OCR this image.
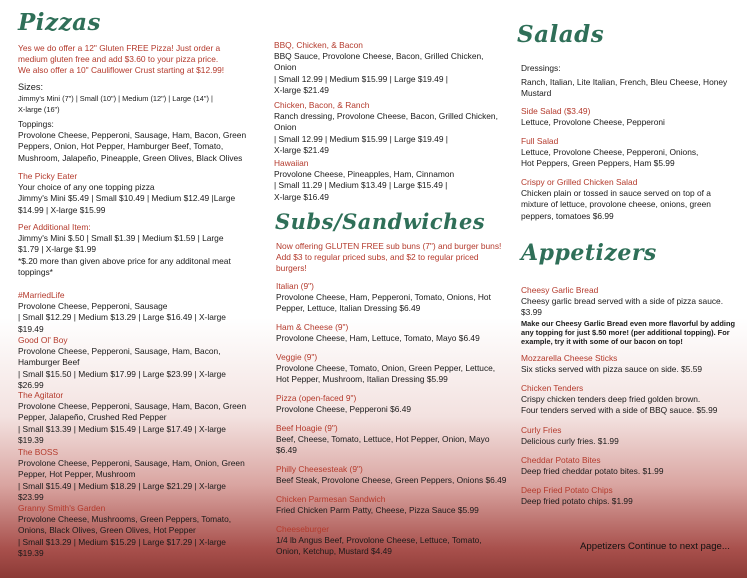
Pizzas	Salads
Subs/Sandwiches
Appetizers
Yes we do offer a 12" Gluten FREE Pizza! Just order a
medium gluten free and add $3.60 to your pizza price.
We also offer a 10" Cauliflower Crust starting at $12.99!
Sizes:
Jimmy's Mini (7") | Small (10") | Medium (12") | Large (14") |
X-large (16")
Toppings:
Provolone Cheese, Pepperoni, Sausage, Ham, Bacon, Green
Peppers, Onion, Hot Pepper, Hamburger Beef, Tomato,
Mushroom, Jalapeño, Pineapple, Green Olives, Black Olives
The Picky Eater
Your choice of any one topping pizza
Jimmy's Mini $5.49 | Small $10.49 | Medium $12.49 |Large
$14.99 | X-large $15.99
Per Additional Item:
Jimmy's Mini $.50 | Small $1.39 | Medium $1.59 | Large
$1.79 | X-large $1.99
*$.20 more than given above price for any additonal meat
toppings*
#MarriedLife
Provolone Cheese, Pepperoni, Sausage
| Small $12.29 | Medium $13.29 | Large $16.49 | X-large
$19.49
Good Ol' Boy
Provolone Cheese, Pepperoni, Sausage, Ham, Bacon,
Hamburger Beef
| Small $15.50 | Medium $17.99 | Large $23.99 | X-large
$26.99
The Agitator
Provolone Cheese, Pepperoni, Sausage, Ham, Bacon, Green
Pepper, Jalapeño, Crushed Red Pepper
| Small $13.39 | Medium $15.49 | Large $17.49 | X-large
$19.39
The BOSS
Provolone Cheese, Pepperoni, Sausage, Ham, Onion, Green
Pepper, Hot Pepper, Mushroom
| Small $15.49 | Medium $18.29 | Large $21.29 | X-large
$23.99
Granny Smith's Garden
Provolone Cheese, Mushrooms, Green Peppers, Tomato,
Onions, Black Olives, Green Olives, Hot Pepper
| Small $13.29 | Medium $15.29 | Large $17.29 | X-large
$19.39
BBQ, Chicken, & Bacon
BBQ Sauce, Provolone Cheese, Bacon, Grilled Chicken,
Onion
| Small 12.99 | Medium $15.99 | Large $19.49 |
X-large $21.49
Chicken, Bacon, & Ranch
Ranch dressing, Provolone Cheese, Bacon, Grilled Chicken,
Onion
| Small 12.99 | Medium $15.99 | Large $19.49 |
X-large $21.49
Hawaiian
Provolone Cheese, Pineapples, Ham, Cinnamon
| Small 11.29 | Medium $13.49 | Large $15.49 |
X-large $16.49
Now offering GLUTEN FREE sub buns (7") and burger buns!
Add $3 to regular priced subs, and $2 to regular priced
burgers!
Italian (9")
Provolone Cheese, Ham, Pepperoni, Tomato, Onions, Hot
Pepper, Lettuce, Italian Dressing $6.49
Ham & Cheese (9")
Provolone Cheese, Ham, Lettuce, Tomato, Mayo $6.49
Veggie (9")
Provolone Cheese, Tomato, Onion, Green Pepper, Lettuce,
Hot Pepper, Mushroom, Italian Dressing $5.99
Pizza (open-faced 9")
Provolone Cheese, Pepperoni $6.49
Beef Hoagie (9")
Beef, Cheese, Tomato, Lettuce, Hot Pepper, Onion, Mayo
$6.49
Philly Cheesesteak (9")
Beef Steak, Provolone Cheese, Green Peppers, Onions $6.49
Chicken Parmesan Sandwich
Fried Chicken Parm Patty, Cheese, Pizza Sauce $5.99
Cheeseburger
1/4 lb Angus Beef, Provolone Cheese, Lettuce, Tomato,
Onion, Ketchup, Mustard $4.49
Dressings:
Ranch, Italian, Lite Italian, French, Bleu Cheese, Honey
Mustard
Side Salad ($3.49)
Lettuce, Provolone Cheese, Pepperoni
Full Salad
Lettuce, Provolone Cheese, Pepperoni, Onions,
Hot Peppers, Green Peppers, Ham $5.99
Crispy or Grilled Chicken Salad
Chicken plain or tossed in sauce served on top of a
mixture of lettuce, provolone cheese, onions, green
peppers, tomatoes $6.99
Cheesy Garlic Bread
Cheesy garlic bread served with a side of pizza sauce.
$3.99
Make our Cheesy Garlic Bread even more flavorful by adding
any topping for just $.50 more! (per additional topping). For
example, try it with some of our bacon on top!
Mozzarella Cheese Sticks
Six sticks served with pizza sauce on side. $5.59
Chicken Tenders
Crispy chicken tenders deep fried golden brown.
Four tenders served with a side of BBQ sauce. $5.99
Curly Fries
Delicious curly fries. $1.99
Cheddar Potato Bites
Deep fried cheddar potato bites. $1.99
Deep Fried Potato Chips
Deep fried potato chips. $1.99
Appetizers Continue to next page...
